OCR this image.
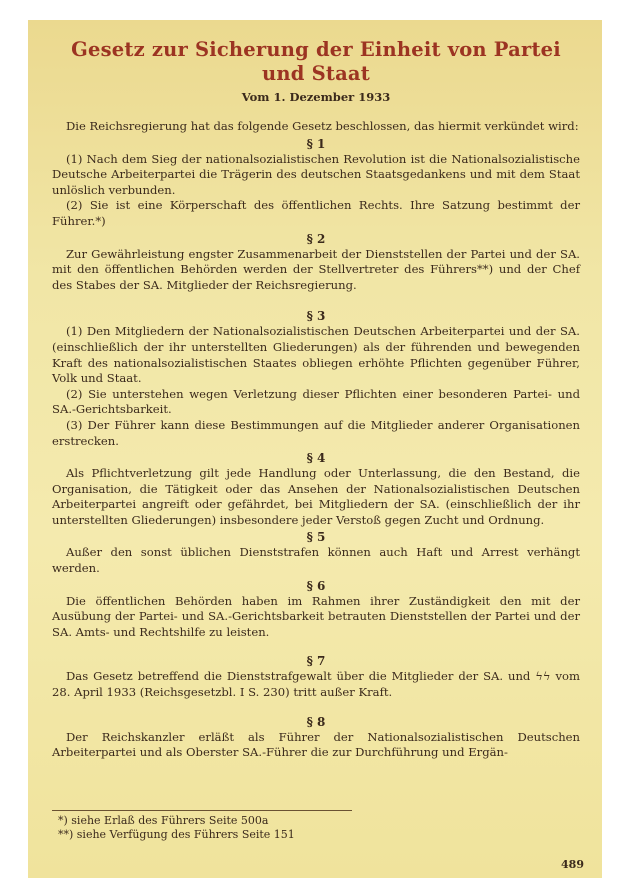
Gesetz zur Sicherung der Einheit von Partei und Staat

Vom 1. Dezember 1933

Die Reichsregierung hat das folgende Gesetz beschlossen, das hiermit verkündet wird:

§ 1

(1) Nach dem Sieg der nationalsozialistischen Revolution ist die Nationalsozialistische Deutsche Arbeiterpartei die Trägerin des deutschen Staatsgedankens und mit dem Staat unlöslich verbunden.

(2) Sie ist eine Körperschaft des öffentlichen Rechts. Ihre Satzung bestimmt der Führer.*)

§ 2

Zur Gewährleistung engster Zusammenarbeit der Dienststellen der Partei und der SA. mit den öffentlichen Behörden werden der Stellvertreter des Führers**) und der Chef des Stabes der SA. Mitglieder der Reichsregierung.

§ 3

(1) Den Mitgliedern der Nationalsozialistischen Deutschen Arbeiterpartei und der SA. (einschließlich der ihr unterstellten Gliederungen) als der führenden und bewegenden Kraft des nationalsozialistischen Staates obliegen erhöhte Pflichten gegenüber Führer, Volk und Staat.

(2) Sie unterstehen wegen Verletzung dieser Pflichten einer besonderen Partei- und SA.-Gerichtsbarkeit.

(3) Der Führer kann diese Bestimmungen auf die Mitglieder anderer Organisationen erstrecken.

§ 4

Als Pflichtverletzung gilt jede Handlung oder Unterlassung, die den Bestand, die Organisation, die Tätigkeit oder das Ansehen der Nationalsozialistischen Deutschen Arbeiterpartei angreift oder gefährdet, bei Mitgliedern der SA. (einschließlich der ihr unterstellten Gliederungen) insbesondere jeder Verstoß gegen Zucht und Ordnung.

§ 5

Außer den sonst üblichen Dienststrafen können auch Haft und Arrest verhängt werden.

§ 6

Die öffentlichen Behörden haben im Rahmen ihrer Zuständigkeit den mit der Ausübung der Partei- und SA.-Gerichtsbarkeit betrauten Dienststellen der Partei und der SA. Amts- und Rechtshilfe zu leisten.

§ 7

Das Gesetz betreffend die Dienststrafgewalt über die Mitglieder der SA. und ϟϟ vom 28. April 1933 (Reichsgesetzbl. I S. 230) tritt außer Kraft.

§ 8

Der Reichskanzler erläßt als Führer der Nationalsozialistischen Deutschen Arbeiterpartei und als Oberster SA.-Führer die zur Durchführung und Ergän-

*) siehe Erlaß des Führers Seite 500a

**) siehe Verfügung des Führers Seite 151

489
